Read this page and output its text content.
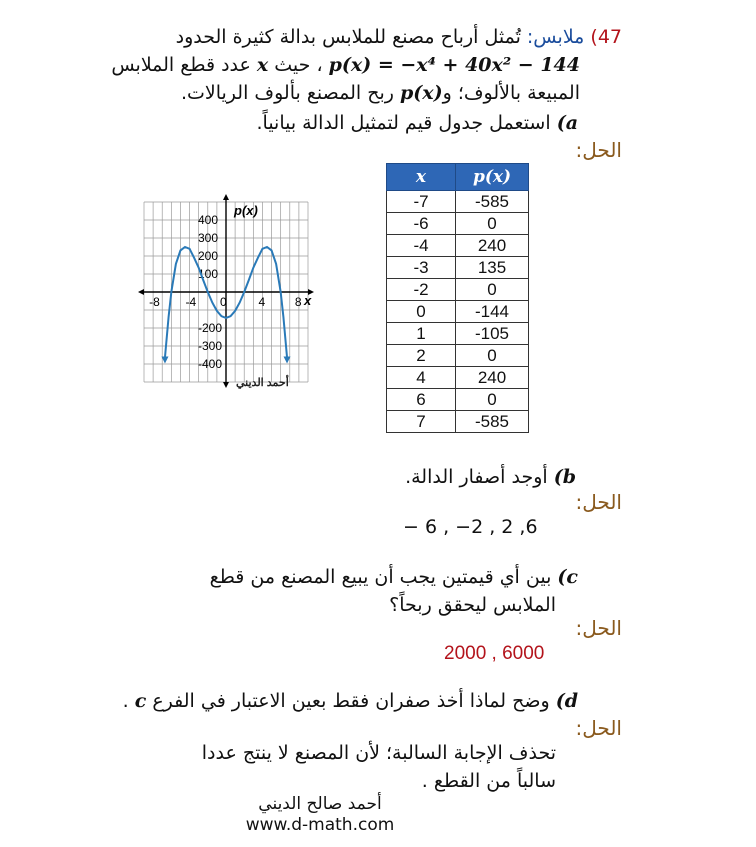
47) ملابس: تُمثل أرباح مصنع للملابس بدالة كثيرة الحدود
p(x) = −x⁴ + 40x² − 144 ، حيث x عدد قطع الملابس
المبيعة بالألوف؛ وp(x) ربح المصنع بألوف الريالات.
a) استعمل جدول قيم لتمثيل الدالة بيانياً.
الحل:
-8 -4 0	4 8
400
300
200
100
-200
-300
-400
p(x)
x
أحمد الديني
x	p(x)
-7	-585
-6	0
-4	240
-3	135
-2	0
0	-144
1	-105
2	0
4	240
6	0
7	-585
b) أوجد أصفار الدالة.
الحل:
− 6 , −2 , 2 ,6
c) بين أي قيمتين يجب أن يبيع المصنع من قطع
الملابس ليحقق ربحاً؟
الحل:
2000 , 6000
d) وضح لماذا أخذ صفران فقط بعين الاعتبار في الفرع c .
الحل:
تحذف الإجابة السالبة؛ لأن المصنع لا ينتج عددا
سالباً من القطع .
أحمد صالح الديني
www.d-math.com
